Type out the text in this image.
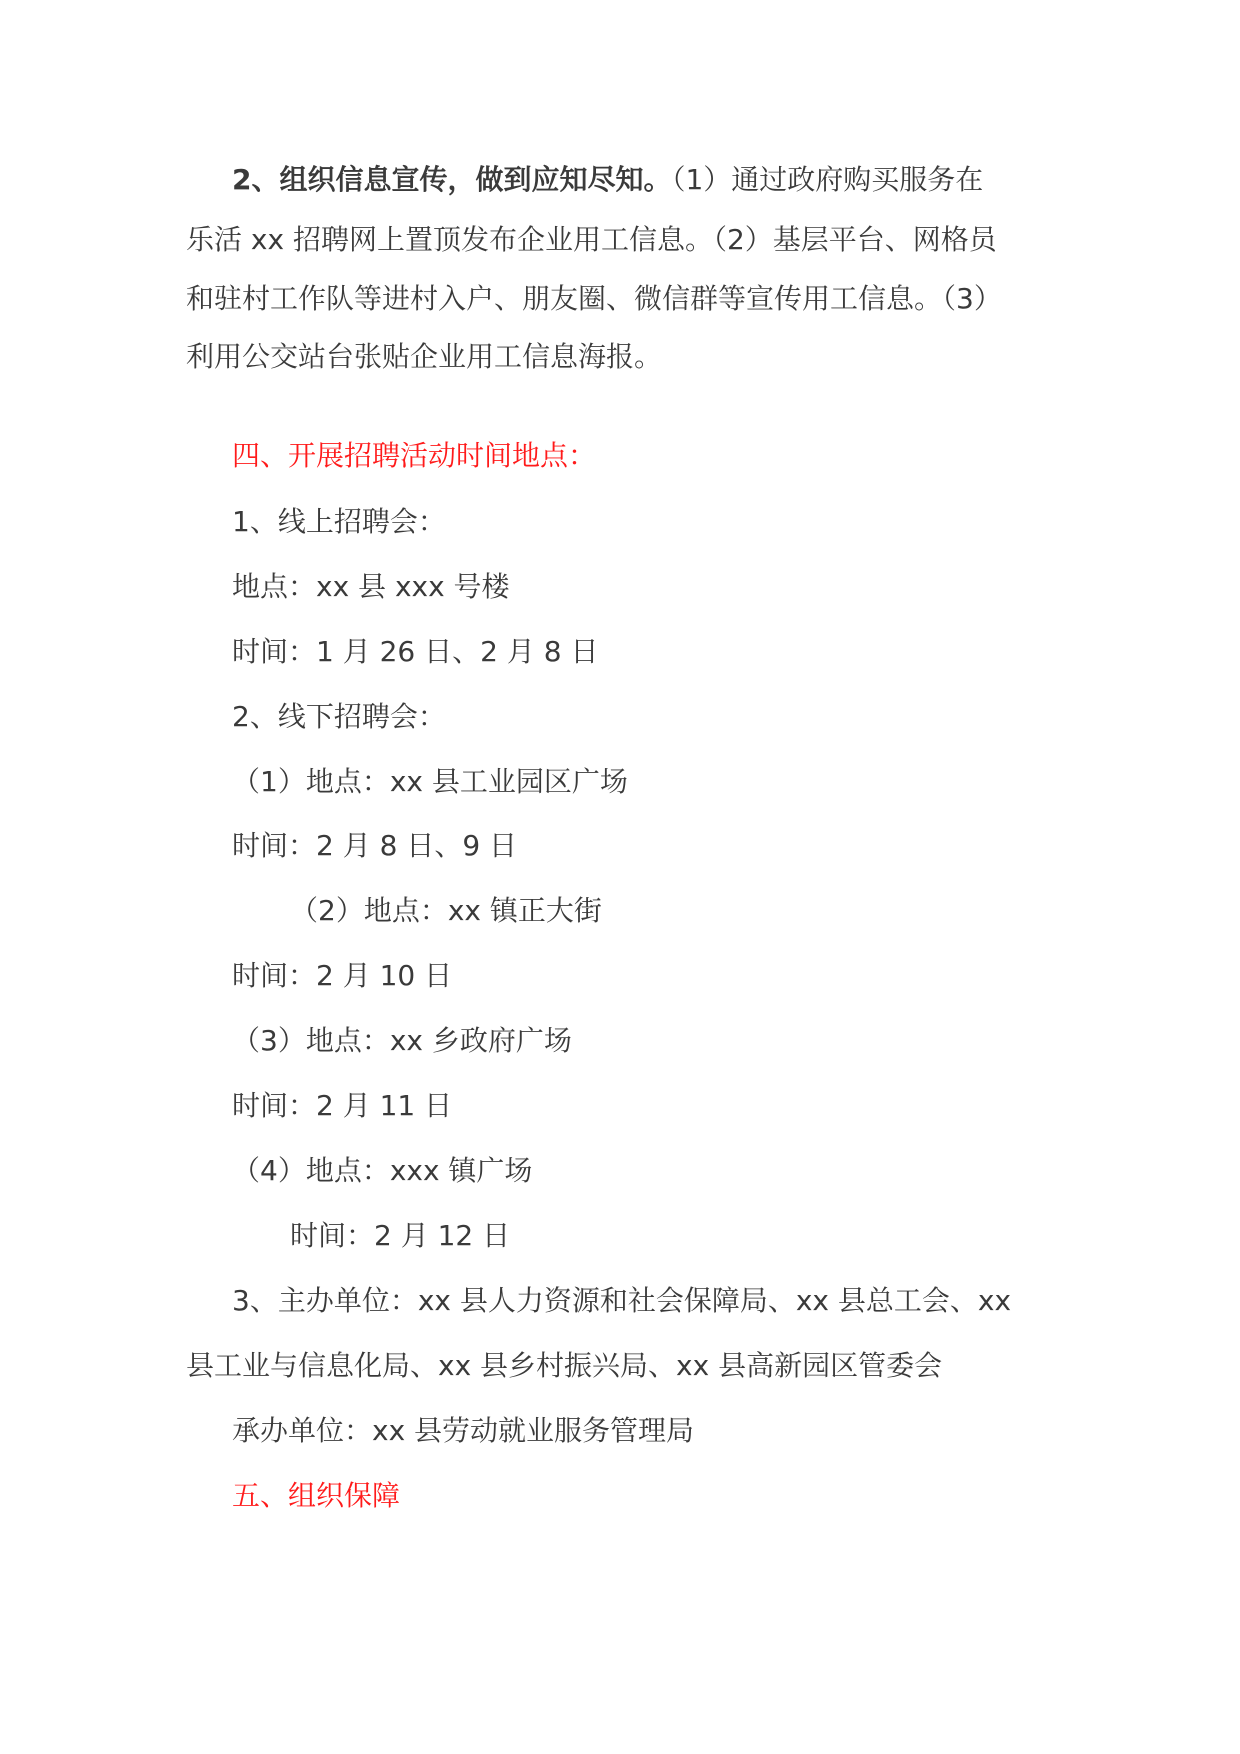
2、组织信息宣传，做到应知尽知。（1）通过政府购买服务在
乐活 xx 招聘网上置顶发布企业用工信息。（2）基层平台、网格员
和驻村工作队等进村入户、朋友圈、微信群等宣传用工信息。（3）
利用公交站台张贴企业用工信息海报。
四、开展招聘活动时间地点：
1、线上招聘会：
地点：xx 县 xxx 号楼
时间：1 月 26 日、2 月 8 日
2、线下招聘会：
（1）地点：xx 县工业园区广场
时间：2 月 8 日、9 日
（2）地点：xx 镇正大街
时间：2 月 10 日
（3）地点：xx 乡政府广场
时间：2 月 11 日
（4）地点：xxx 镇广场
时间：2 月 12 日
3、主办单位：xx 县人力资源和社会保障局、xx 县总工会、xx
县工业与信息化局、xx 县乡村振兴局、xx 县高新园区管委会
承办单位：xx 县劳动就业服务管理局
五、组织保障
